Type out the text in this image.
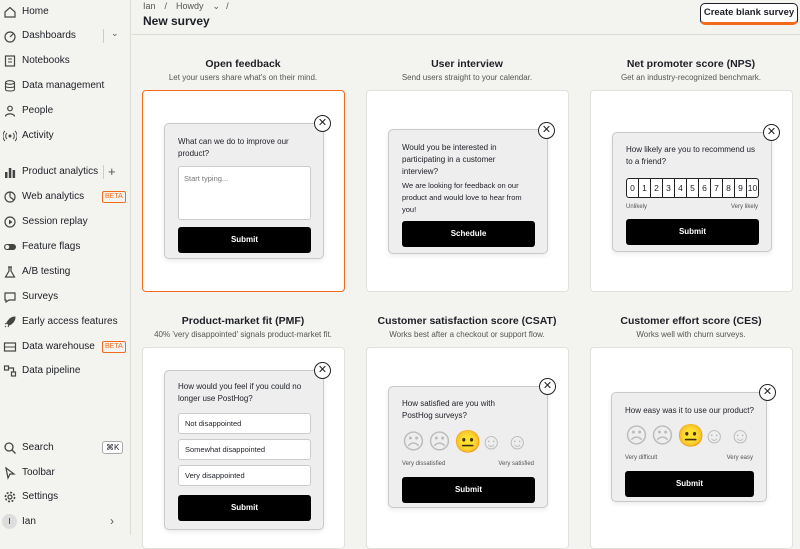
Home
Dashboards	⌄
Notebooks
Data management
People
Activity
Product analytics +
Web analytics	BETA
Session replay
Feature flags
A/B testing
Surveys
Early access features
Data warehouse	BETA
Data pipeline
Search	⌘K
Toolbar
Settings
I	Ian	›
Ian / Howdy ⌄ /
New survey
Create blank survey
Open feedback
Let your users share what's on their mind.
User interview
Send users straight to your calendar.
Net promoter score (NPS)
Get an industry-recognized benchmark.
What can we do to improve our product?
Start typing...
Submit
✕
Would you be interested in participating in a customer interview?
We are looking for feedback on our product and would love to hear from you!
Schedule
✕
How likely are you to recommend us to a friend?
0 1 2 3 4 5 6 7 8 9 10
Unlikely	Very likely
Submit
✕
Product-market fit (PMF)
40% 'very disappointed' signals product-market fit.
Customer satisfaction score (CSAT)
Works best after a checkout or support flow.
Customer effort score (CES)
Works well with churn surveys.
How would you feel if you could no longer use PostHog?
Not disappointed
Somewhat disappointed
Very disappointed
Submit
✕
How satisfied are you with PostHog surveys?
☹ ☹ 😐
☺ ☺
Very dissatisfied	Very satisfied
Submit
✕
How easy was it to use our product?
☹ ☹ 😐
☺ ☺
Very difficult	Very easy
Submit
✕
